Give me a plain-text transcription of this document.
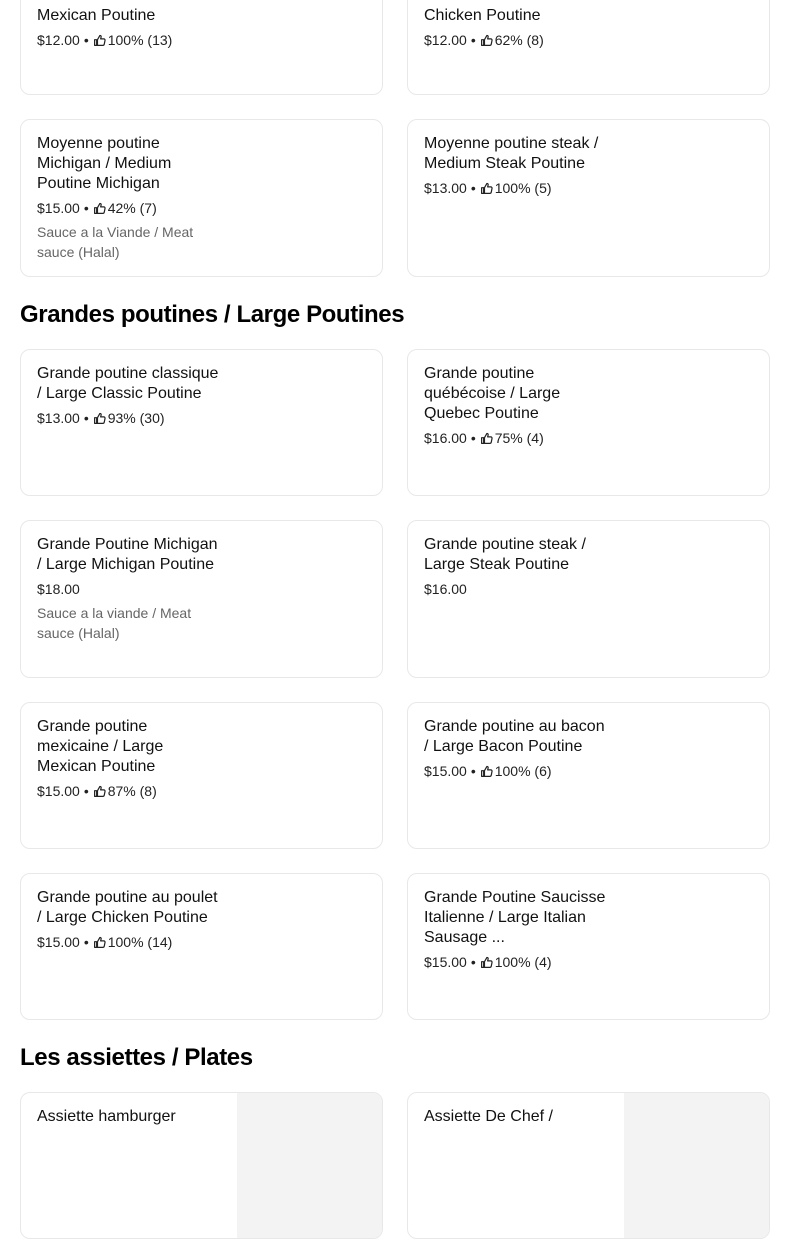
Mexican Poutine
$12.00 • 100% (13)
Chicken Poutine
$12.00 • 62% (8)
Moyenne poutine Michigan / Medium Poutine Michigan
$15.00 • 42% (7)
Sauce a la Viande / Meat sauce (Halal)
Moyenne poutine steak / Medium Steak Poutine
$13.00 • 100% (5)
Grandes poutines / Large Poutines
Grande poutine classique / Large Classic Poutine
$13.00 • 93% (30)
Grande poutine québécoise / Large Quebec Poutine
$16.00 • 75% (4)
Grande Poutine Michigan / Large Michigan Poutine
$18.00
Sauce a la viande / Meat sauce (Halal)
Grande poutine steak / Large Steak Poutine
$16.00
Grande poutine mexicaine / Large Mexican Poutine
$15.00 • 87% (8)
Grande poutine au bacon / Large Bacon Poutine
$15.00 • 100% (6)
Grande poutine au poulet / Large Chicken Poutine
$15.00 • 100% (14)
Grande Poutine Saucisse Italienne / Large Italian Sausage ...
$15.00 • 100% (4)
Les assiettes / Plates
Assiette hamburger	Assiette De Chef /
